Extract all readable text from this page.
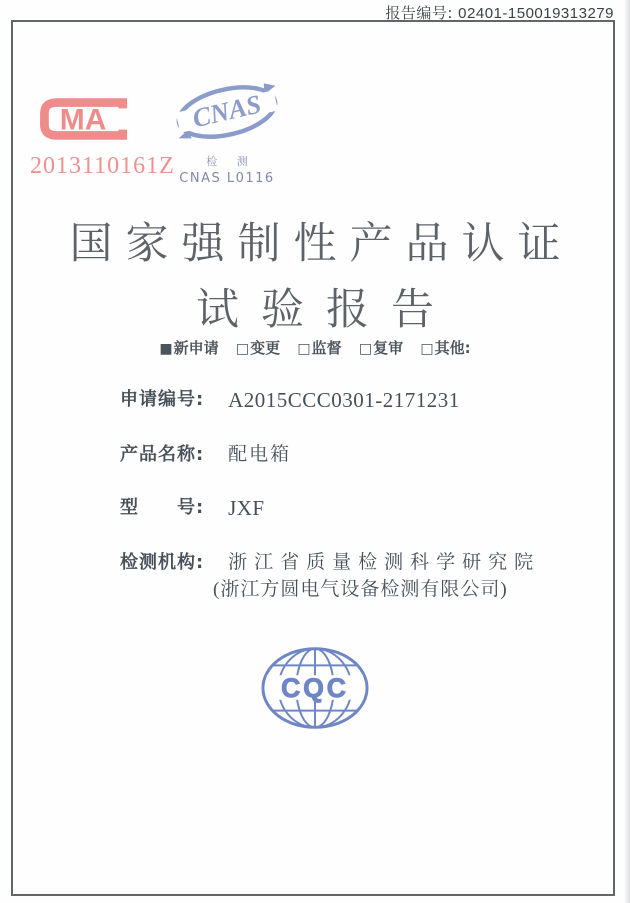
报告编号: 02401-150019313279
MA
2013110161Z
CNAS
检 测
CNAS L0116
国家强制性产品认证
试验报告
■新申请 □变更 □监督 □复审 □其他:
申请编号: A2015CCC0301-2171231
产品名称: 配电箱
型　　号: JXF
检测机构: 浙江省质量检测科学研究院
(浙江方圆电气设备检测有限公司)
CQC
